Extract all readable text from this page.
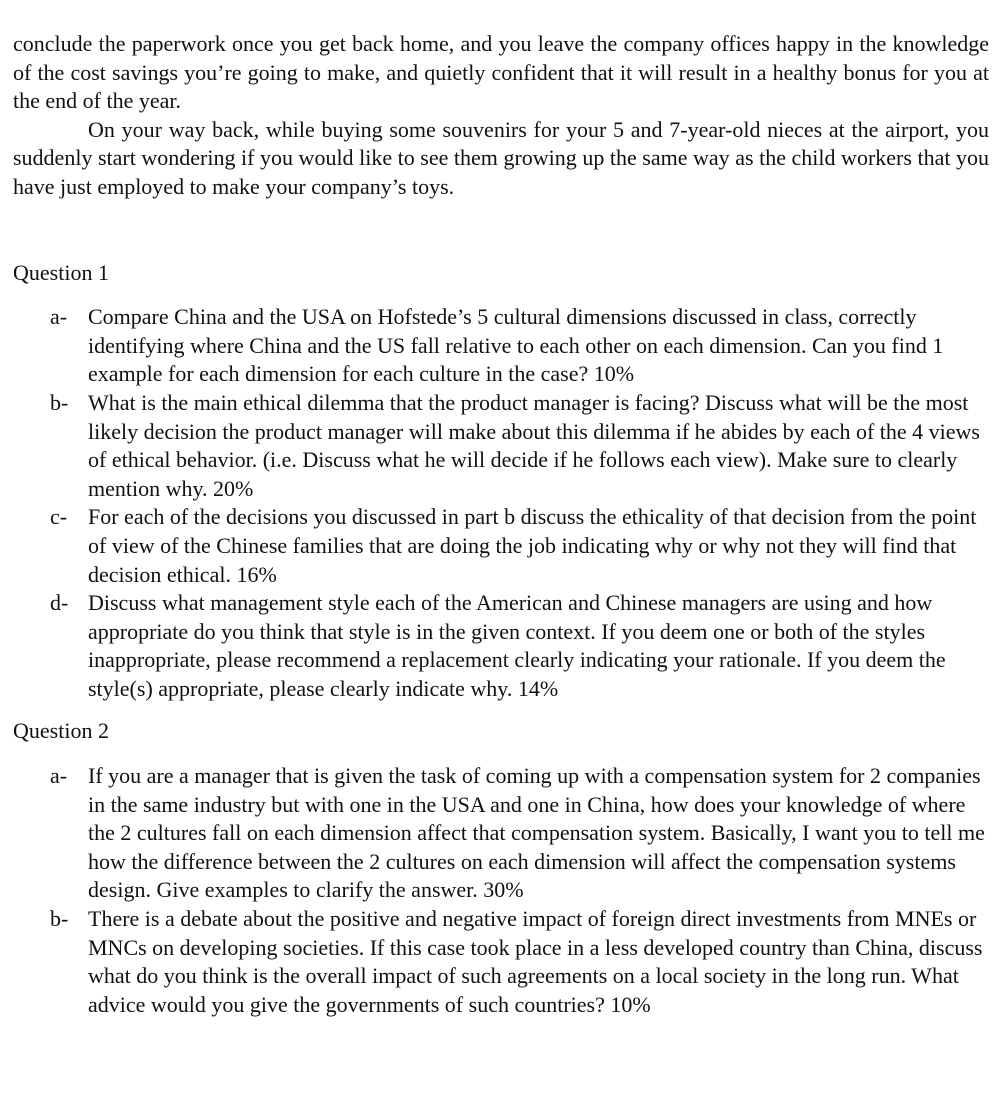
conclude the paperwork once you get back home, and you leave the company offices happy in the knowledge of the cost savings you’re going to make, and quietly confident that it will result in a healthy bonus for you at the end of the year.

On your way back, while buying some souvenirs for your 5 and 7-year-old nieces at the airport, you suddenly start wondering if you would like to see them growing up the same way as the child workers that you have just employed to make your company’s toys.

Question 1

a- Compare China and the USA on Hofstede’s 5 cultural dimensions discussed in class, correctly identifying where China and the US fall relative to each other on each dimension. Can you find 1 example for each dimension for each culture in the case? 10%
b- What is the main ethical dilemma that the product manager is facing? Discuss what will be the most likely decision the product manager will make about this dilemma if he abides by each of the 4 views of ethical behavior. (i.e. Discuss what he will decide if he follows each view). Make sure to clearly mention why. 20%
c- For each of the decisions you discussed in part b discuss the ethicality of that decision from the point of view of the Chinese families that are doing the job indicating why or why not they will find that decision ethical. 16%
d- Discuss what management style each of the American and Chinese managers are using and how appropriate do you think that style is in the given context. If you deem one or both of the styles inappropriate, please recommend a replacement clearly indicating your rationale. If you deem the style(s) appropriate, please clearly indicate why. 14%

Question 2

a- If you are a manager that is given the task of coming up with a compensation system for 2 companies in the same industry but with one in the USA and one in China, how does your knowledge of where the 2 cultures fall on each dimension affect that compensation system. Basically, I want you to tell me how the difference between the 2 cultures on each dimension will affect the compensation systems design. Give examples to clarify the answer. 30%
b- There is a debate about the positive and negative impact of foreign direct investments from MNEs or MNCs on developing societies. If this case took place in a less developed country than China, discuss what do you think is the overall impact of such agreements on a local society in the long run. What advice would you give the governments of such countries? 10%
